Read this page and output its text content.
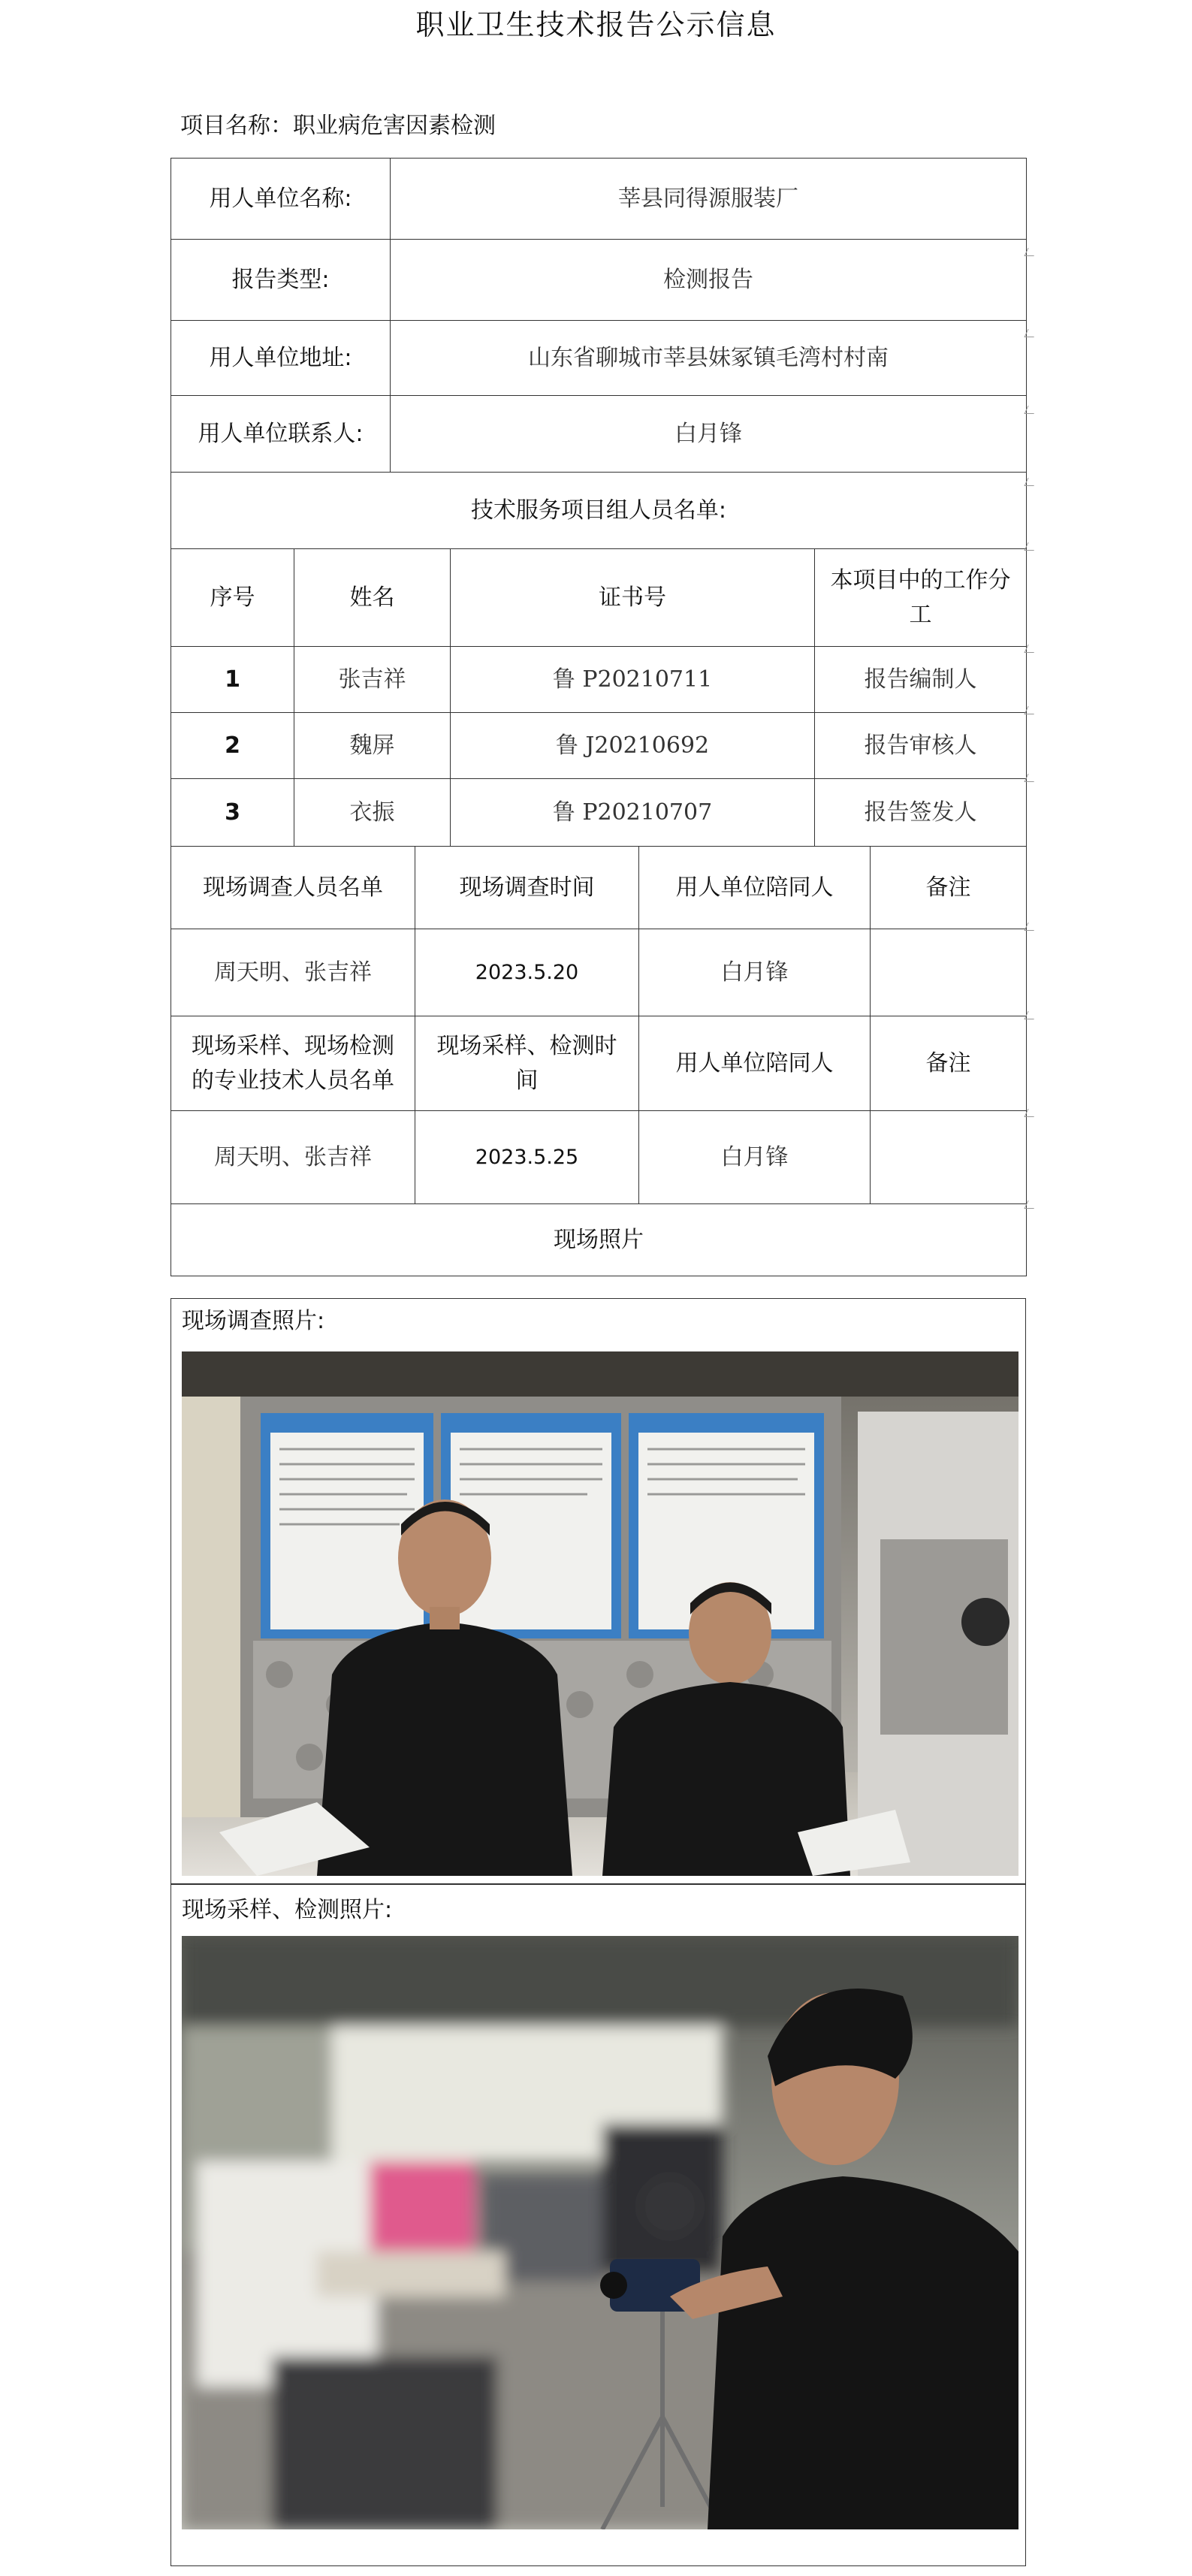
职业卫生技术报告公示信息
项目名称：职业病危害因素检测
用人单位名称:	莘县同得源服装厂
报告类型:	检测报告
用人单位地址:	山东省聊城市莘县妹冢镇毛湾村村南
用人单位联系人:	白月锋
技术服务项目组人员名单:	
序号	姓名	证书号	本项目中的工作分工
1	张吉祥	鲁 P20210711	报告编制人
2	魏屏	鲁 J20210692	报告审核人
3	衣振	鲁 P20210707	报告签发人
现场调查人员名单	现场调查时间	用人单位陪同人	备注
周天明、张吉祥	2023.5.20	白月锋	
现场采样、现场检测的专业技术人员名单	现场采样、检测时间	用人单位陪同人	备注
周天明、张吉祥	2023.5.25	白月锋	
现场照片			
现场调查照片:
现场采样、检测照片:
